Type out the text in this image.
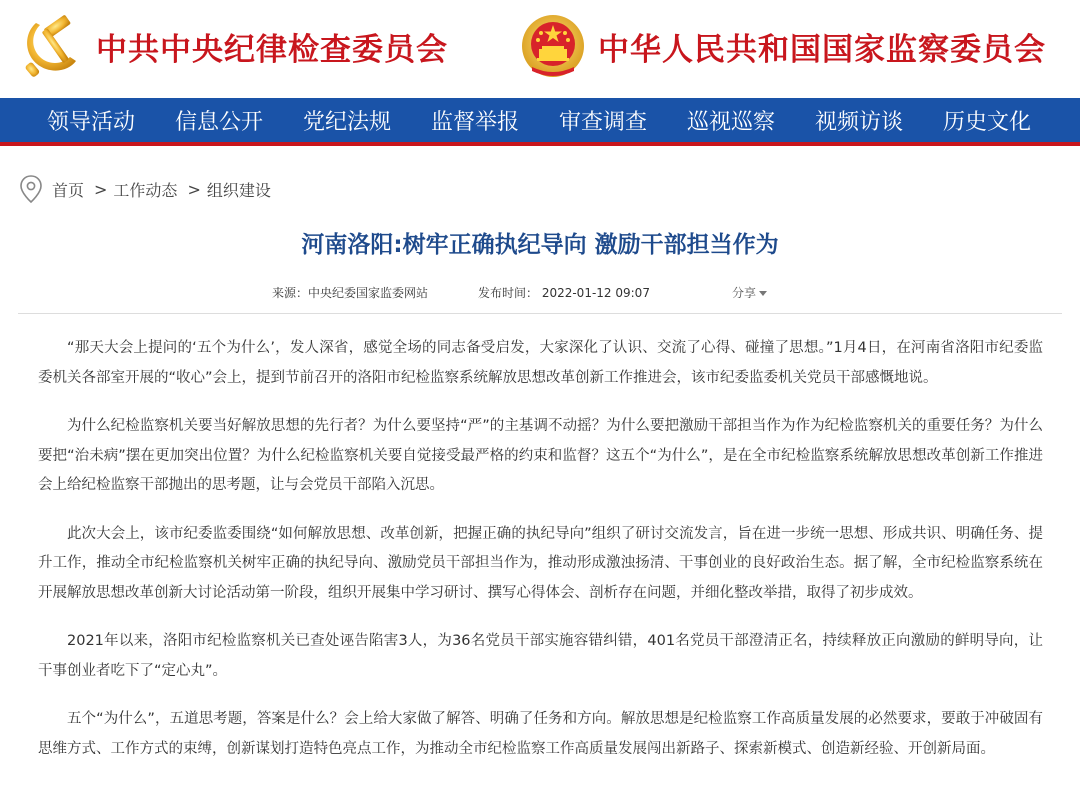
中共中央纪律检查委员会	中华人民共和国国家监察委员会
领导活动	信息公开	党纪法规	监督举报	审查调查	巡视巡察	视频访谈	历史文化
首页 > 工作动态 > 组织建设
河南洛阳:树牢正确执纪导向 激励干部担当作为
来源：中央纪委国家监委网站	发布时间： 2022-01-12 09:07	分享

“那天大会上提问的‘五个为什么’，发人深省，感觉全场的同志备受启发，大家深化了认识、交流了心得、碰撞了思想。”1月4日，在河南省洛阳市纪委监委机关各部室开展的“收心”会上，提到节前召开的洛阳市纪检监察系统解放思想改革创新工作推进会，该市纪委监委机关党员干部感慨地说。

为什么纪检监察机关要当好解放思想的先行者？为什么要坚持“严”的主基调不动摇？为什么要把激励干部担当作为作为纪检监察机关的重要任务？为什么要把“治未病”摆在更加突出位置？为什么纪检监察机关要自觉接受最严格的约束和监督？这五个“为什么”，是在全市纪检监察系统解放思想改革创新工作推进会上给纪检监察干部抛出的思考题，让与会党员干部陷入沉思。

此次大会上，该市纪委监委围绕“如何解放思想、改革创新，把握正确的执纪导向”组织了研讨交流发言，旨在进一步统一思想、形成共识、明确任务、提升工作，推动全市纪检监察机关树牢正确的执纪导向、激励党员干部担当作为，推动形成激浊扬清、干事创业的良好政治生态。据了解，全市纪检监察系统在开展解放思想改革创新大讨论活动第一阶段，组织开展集中学习研讨、撰写心得体会、剖析存在问题，并细化整改举措，取得了初步成效。

2021年以来，洛阳市纪检监察机关已查处诬告陷害3人，为36名党员干部实施容错纠错，401名党员干部澄清正名，持续释放正向激励的鲜明导向，让干事创业者吃下了“定心丸”。

五个“为什么”，五道思考题，答案是什么？会上给大家做了解答、明确了任务和方向。解放思想是纪检监察工作高质量发展的必然要求，要敢于冲破固有思维方式、工作方式的束缚，创新谋划打造特色亮点工作，为推动全市纪检监察工作高质量发展闯出新路子、探索新模式、创造新经验、开创新局面。
